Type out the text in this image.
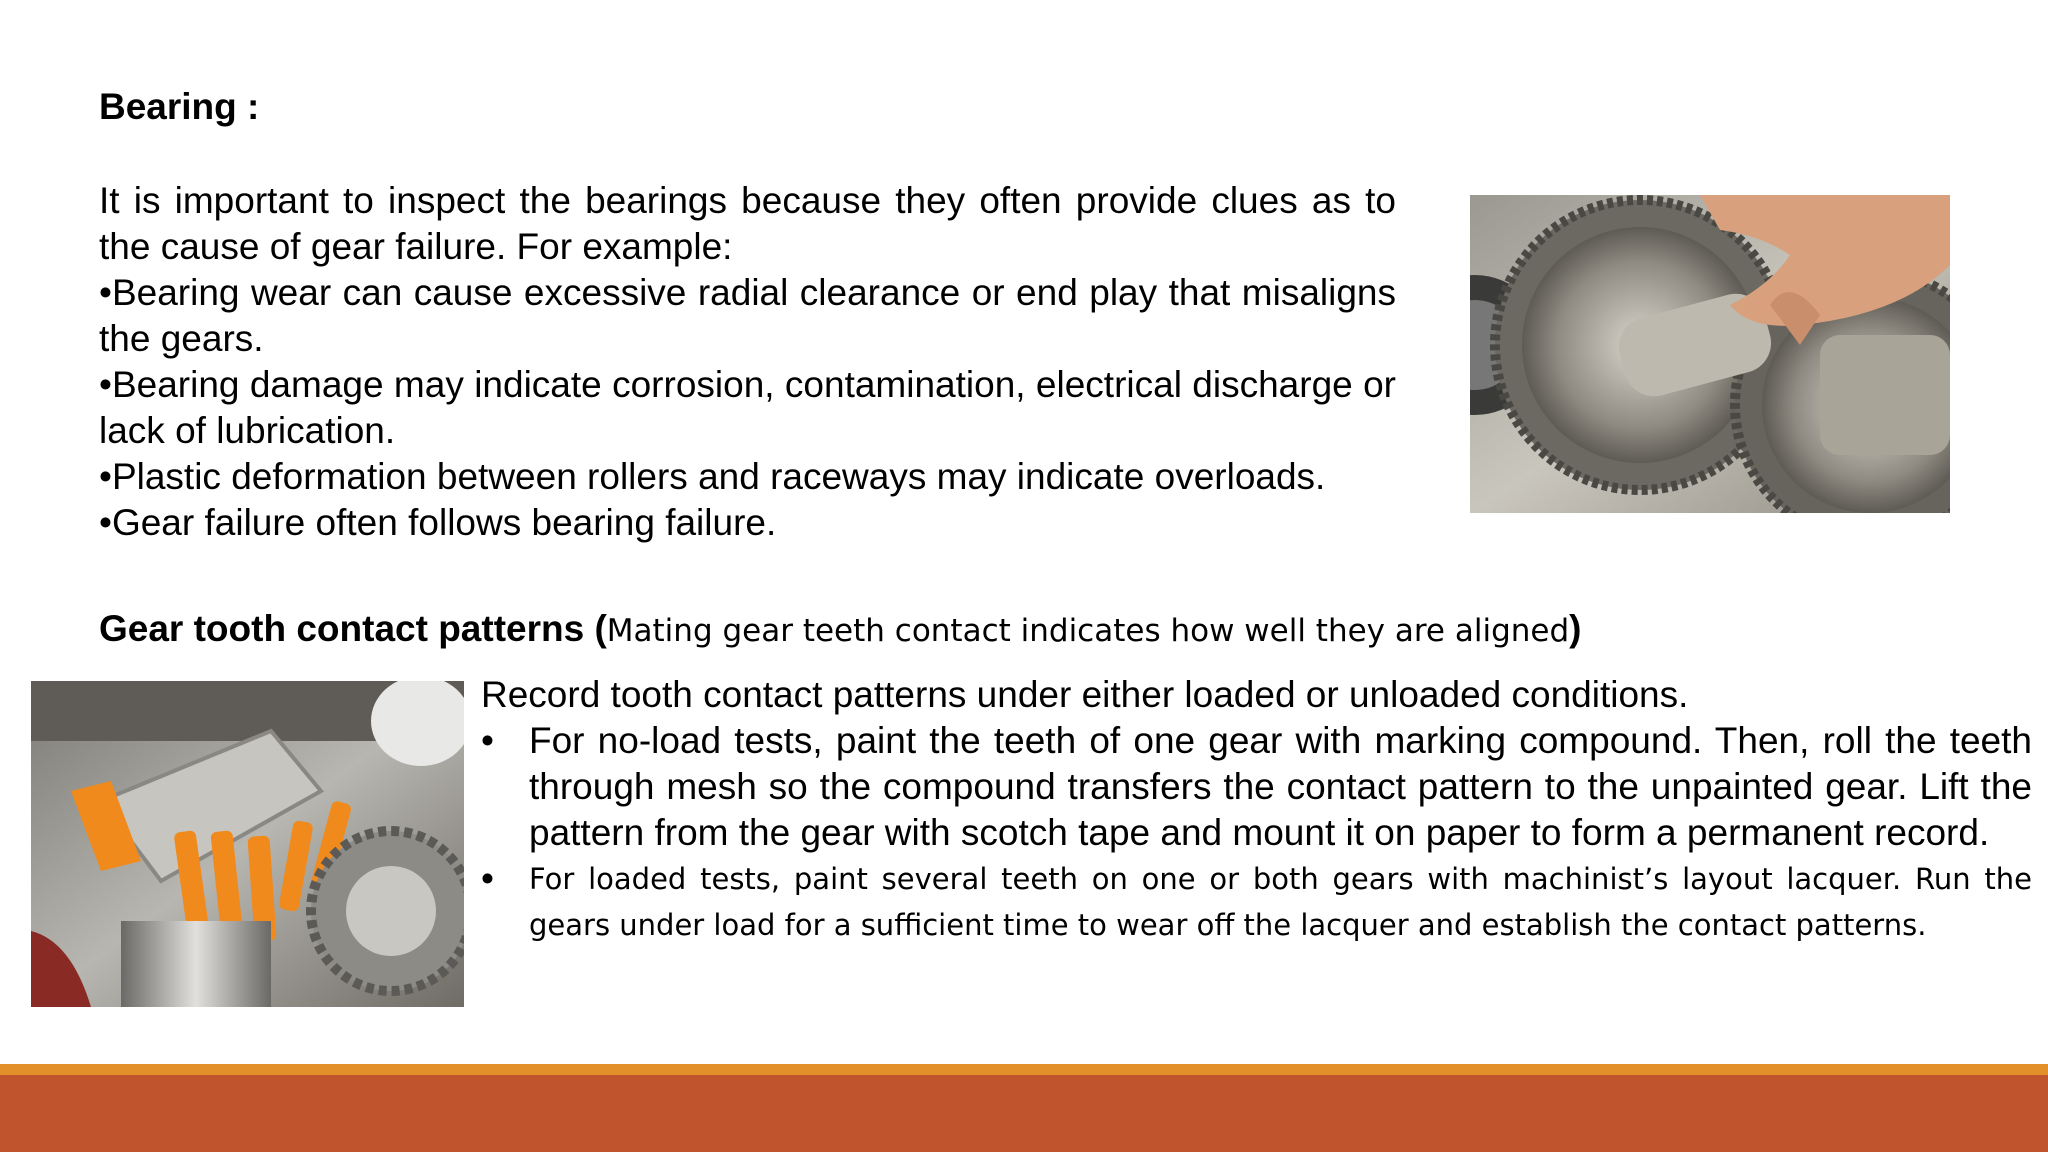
Bearing :

It is important to inspect the bearings because they often provide clues as to the cause of gear failure. For example:

•Bearing wear can cause excessive radial clearance or end play that misaligns the gears.

•Bearing damage may indicate corrosion, contamination, electrical discharge or lack of lubrication.

•Plastic deformation between rollers and raceways may indicate overloads.

•Gear failure often follows bearing failure.

Gear tooth contact patterns (Mating gear teeth contact indicates how well they are aligned)

Record tooth contact patterns under either loaded or unloaded conditions.

• For no-load tests, paint the teeth of one gear with marking compound. Then, roll the teeth through mesh so the compound transfers the contact pattern to the unpainted gear. Lift the pattern from the gear with scotch tape and mount it on paper to form a permanent record.
•	For loaded tests, paint several teeth on one or both gears with machinist’s layout lacquer. Run the gears under load for a sufficient time to wear off the lacquer and establish the contact patterns.
